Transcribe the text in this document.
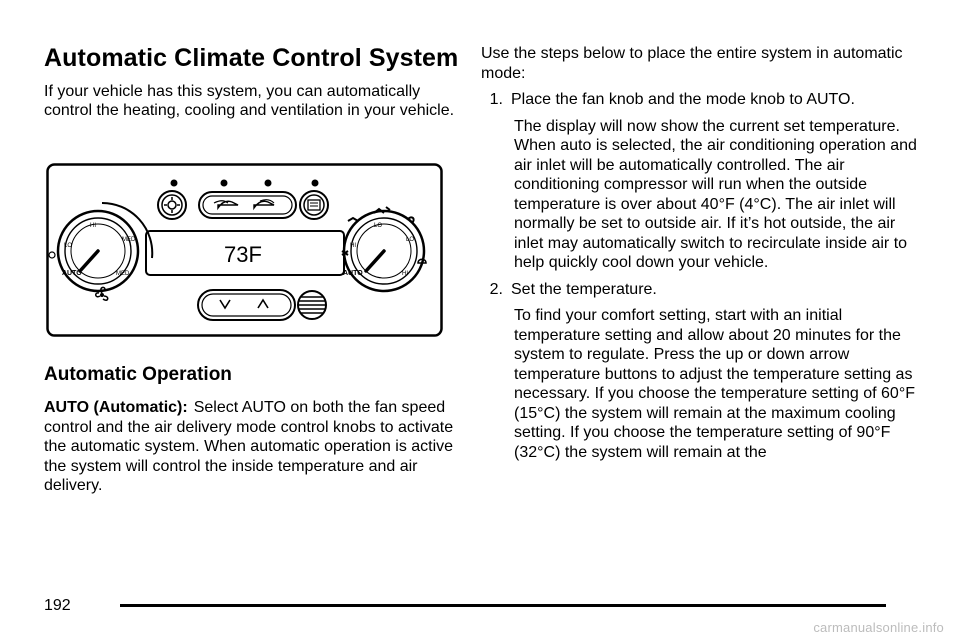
Automatic Climate Control System

If your vehicle has this system, you can automatically control the heating, cooling and ventilation in your vehicle.

73F
LO
HI
MED
MED
AUTO
HI
LO
LO
HI
AUTO
Automatic Operation

AUTO (Automatic): Select AUTO on both the fan speed control and the air delivery mode control knobs to activate the automatic system. When automatic operation is active the system will control the inside temperature and air delivery.

Use the steps below to place the entire system in automatic mode:

1. Place the fan knob and the mode knob to AUTO.

The display will now show the current set temperature. When auto is selected, the air conditioning operation and air inlet will be automatically controlled. The air conditioning compressor will run when the outside temperature is over about 40°F (4°C). The air inlet will normally be set to outside air. If it’s hot outside, the air inlet may automatically switch to recirculate inside air to help quickly cool down your vehicle.

2. Set the temperature.

To find your comfort setting, start with an initial temperature setting and allow about 20 minutes for the system to regulate. Press the up or down arrow temperature buttons to adjust the temperature setting as necessary. If you choose the temperature setting of 60°F (15°C) the system will remain at the maximum cooling setting. If you choose the temperature setting of 90°F (32°C) the system will remain at the

192
carmanualsonline.info
